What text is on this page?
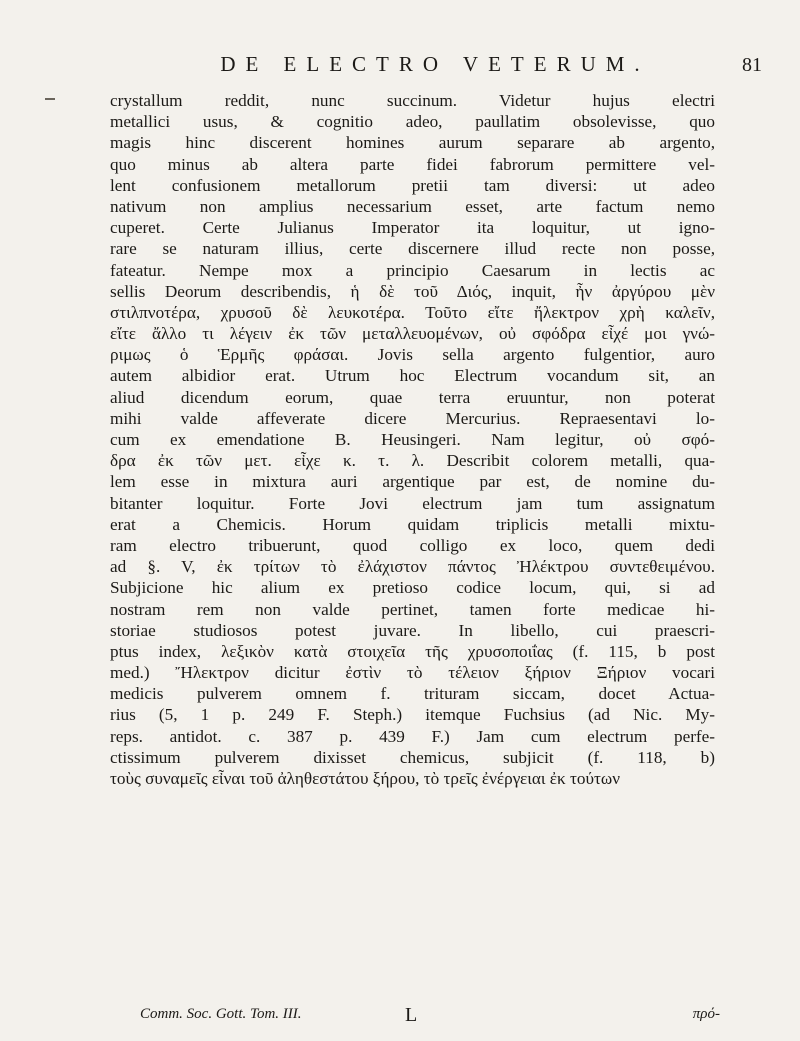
DE ELECTRO VETERUM.	81
crystallum reddit, nunc succinum. Videtur hujus electri
metallici usus, & cognitio adeo, paullatim obsolevisse, quo
magis hinc discerent homines aurum separare ab argento,
quo minus ab altera parte fidei fabrorum permittere vel-
lent confusionem metallorum pretii tam diversi: ut adeo
nativum non amplius necessarium esset, arte factum nemo
cuperet. Certe Julianus Imperator ita loquitur, ut igno-
rare se naturam illius, certe discernere illud recte non posse,
fateatur. Nempe mox a principio Caesarum in lectis ac
sellis Deorum describendis, ἡ δὲ τοῦ Διός, inquit, ἦν ἀργύρου μὲν
στιλπνοτέρα, χρυσοῦ δὲ λευκοτέρα. Τοῦτο εἴτε ἤλεκτρον χρὴ καλεῖν,
εἴτε ἄλλο τι λέγειν ἐκ τῶν μεταλλευομένων, οὐ σφόδρα εἶχέ μοι γνώ-
ριμως ὁ Ἑρμῆς φράσαι. Jovis sella argento fulgentior, auro
autem albidior erat. Utrum hoc Electrum vocandum sit, an
aliud dicendum eorum, quae terra eruuntur, non poterat
mihi valde affeverate dicere Mercurius. Repraesentavi lo-
cum ex emendatione B. Heusingeri. Nam legitur, οὐ σφό-
δρα ἐκ τῶν μετ. εἶχε κ. τ. λ. Describit colorem metalli, qua-
lem esse in mixtura auri argentique par est, de nomine du-
bitanter loquitur. Forte Jovi electrum jam tum assignatum
erat a Chemicis. Horum quidam triplicis metalli mixtu-
ram electro tribuerunt, quod colligo ex loco, quem dedi
ad §. V, ἐκ τρίτων τὸ ἐλάχιστον πάντος Ἠλέκτρου συντεθειμένου.
Subjicione hic alium ex pretioso codice locum, qui, si ad
nostram rem non valde pertinet, tamen forte medicae hi-
storiae studiosos potest juvare. In libello, cui praescri-
ptus index, λεξικὸν κατὰ στοιχεῖα τῆς χρυσοποιΐας (f. 115, b post
med.) Ἤλεκτρον dicitur ἐστὶν τὸ τέλειον ξήριον Ξήριον vocari
medicis pulverem omnem f. trituram siccam, docet Actua-
rius (5, 1 p. 249 F. Steph.) itemque Fuchsius (ad Nic. My-
reps. antidot. c. 387 p. 439 F.) Jam cum electrum perfe-
ctissimum pulverem dixisset chemicus, subjicit (f. 118, b)
τοὺς συναμεῖς εἶναι τοῦ ἀληθεστάτου ξήρου, τὸ τρεῖς ἐνέργειαι ἐκ τούτων
Comm. Soc. Gott. Tom. III.	L	πρό-
